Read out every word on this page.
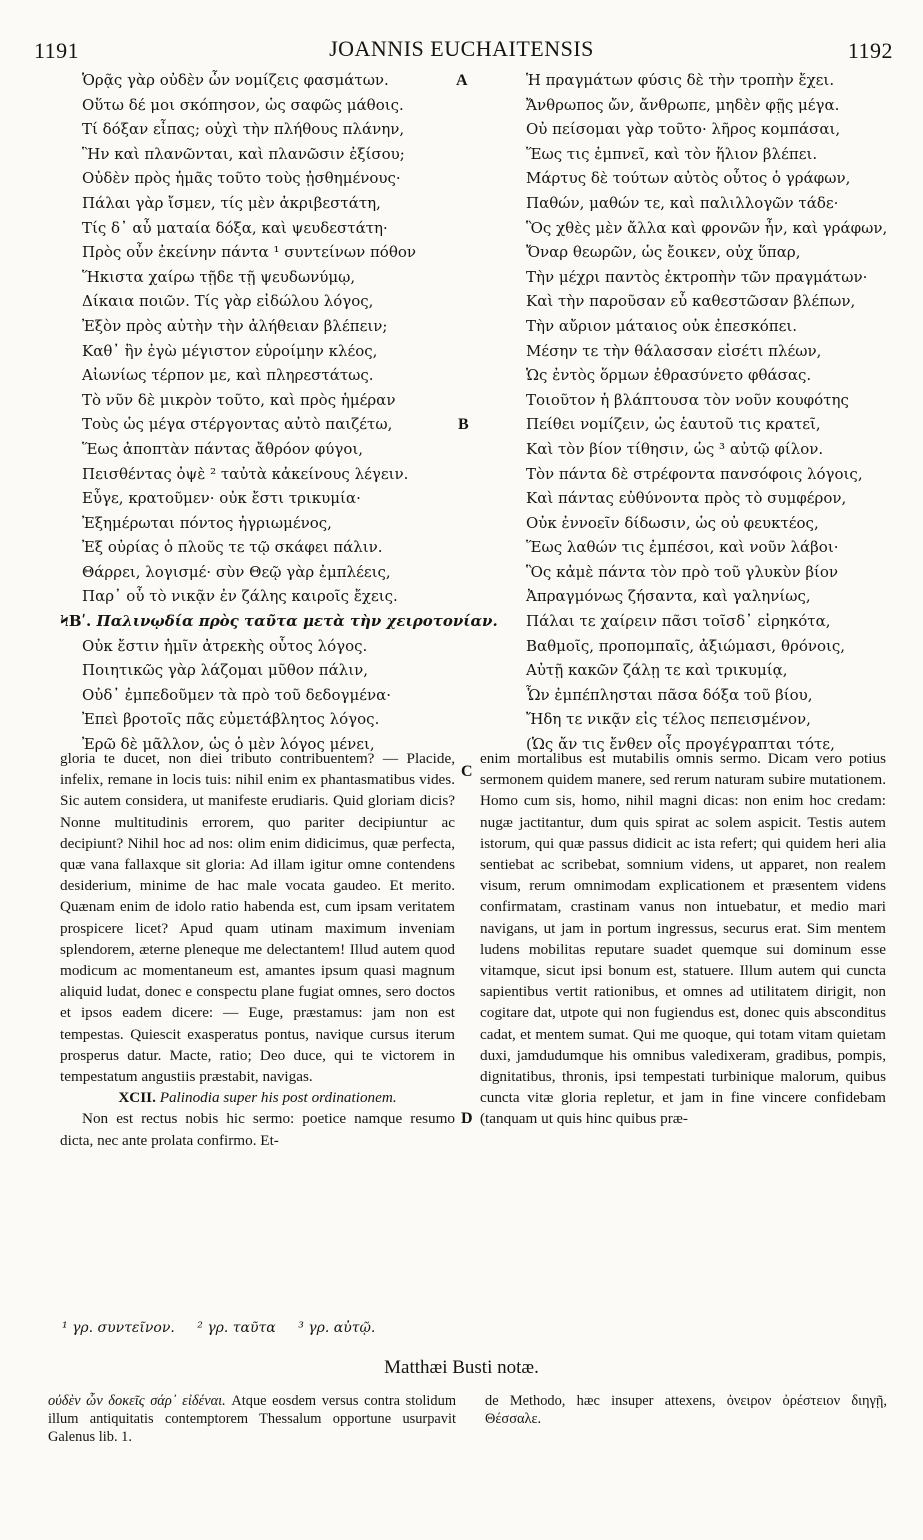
1191	JOANNIS EUCHAITENSIS	1192
Ὁρᾷς γὰρ οὐδὲν ὧν νομίζεις φασμάτων.
Οὕτω δέ μοι σκόπησον, ὡς σαφῶς μάθοις.
Τί δόξαν εἶπας; οὐχὶ τὴν πλήθους πλάνην,
Ἣν καὶ πλανῶνται, καὶ πλανῶσιν ἐξίσου;
Οὐδὲν πρὸς ἡμᾶς τοῦτο τοὺς ᾐσθημένους·
Πάλαι γὰρ ἴσμεν, τίς μὲν ἀκριβεστάτη,
Τίς δ᾽ αὖ ματαία δόξα, καὶ ψευδεστάτη·
Πρὸς οὖν ἐκείνην πάντα ¹ συντείνων πόθον
Ἥκιστα χαίρω τῇδε τῇ ψευδωνύμῳ,
Δίκαια ποιῶν. Τίς γὰρ εἰδώλου λόγος,
Ἐξὸν πρὸς αὐτὴν τὴν ἀλήθειαν βλέπειν;
Καθ᾽ ἣν ἐγὼ μέγιστον εὑροίμην κλέος,
Αἰωνίως τέρπον με, καὶ πληρεστάτως.
Τὸ νῦν δὲ μικρὸν τοῦτο, καὶ πρὸς ἡμέραν
Τοὺς ὡς μέγα στέργοντας αὐτὸ παιζέτω,
Ἕως ἀποπτὰν πάντας ἄθρόον φύγοι,
Πεισθέντας ὀψὲ ² ταὐτὰ κἀκείνους λέγειν.
Εὖγε, κρατοῦμεν· οὐκ ἔστι τρικυμία·
Ἐξημέρωται πόντος ἠγριωμένος,
Ἐξ οὐρίας ὁ πλοῦς τε τῷ σκάφει πάλιν.
Θάρρει, λογισμέ· σὺν Θεῷ γὰρ ἐμπλέεις,
Παρ᾽ οὗ τὸ νικᾷν ἐν ζάλης καιροῖς ἔχεις.
ϞΒʹ. Παλινῳδία πρὸς ταῦτα μετὰ τὴν χειροτονίαν.
Οὐκ ἔστιν ἡμῖν ἀτρεκὴς οὗτος λόγος.
Ποιητικῶς γὰρ λάζομαι μῦθον πάλιν,
Οὐδ᾽ ἐμπεδοῦμεν τὰ πρὸ τοῦ δεδογμένα·
Ἐπεὶ βροτοῖς πᾶς εὐμετάβλητος λόγος.
Ἐρῶ δὲ μᾶλλον, ὡς ὁ μὲν λόγος μένει,
Ἡ πραγμάτων φύσις δὲ τὴν τροπὴν ἔχει.
Ἄνθρωπος ὤν, ἄνθρωπε, μηδὲν φῇς μέγα.
Οὐ πείσομαι γὰρ τοῦτο· λῆρος κομπάσαι,
Ἕως τις ἐμπνεῖ, καὶ τὸν ἥλιον βλέπει.
Μάρτυς δὲ τούτων αὐτὸς οὗτος ὁ γράφων,
Παθών, μαθών τε, καὶ παλιλλογῶν τάδε·
Ὃς χθὲς μὲν ἄλλα καὶ φρονῶν ἦν, καὶ γράφων,
Ὄναρ θεωρῶν, ὡς ἔοικεν, οὐχ ὕπαρ,
Τὴν μέχρι παντὸς ἐκτροπὴν τῶν πραγμάτων·
Καὶ τὴν παροῦσαν εὖ καθεστῶσαν βλέπων,
Τὴν αὔριον μάταιος οὐκ ἐπεσκόπει.
Μέσην τε τὴν θάλασσαν εἰσέτι πλέων,
Ὡς ἐντὸς ὅρμων ἐθρασύνετο φθάσας.
Τοιοῦτον ἡ βλάπτουσα τὸν νοῦν κουφότης
Πείθει νομίζειν, ὡς ἑαυτοῦ τις κρατεῖ,
Καὶ τὸν βίον τίθησιν, ὡς ³ αὐτῷ φίλον.
Τὸν πάντα δὲ στρέφοντα πανσόφοις λόγοις,
Καὶ πάντας εὐθύνοντα πρὸς τὸ συμφέρον,
Οὐκ ἐννοεῖν δίδωσιν, ὡς οὐ φευκτέος,
Ἕως λαθών τις ἐμπέσοι, καὶ νοῦν λάβοι·
Ὃς κἀμὲ πάντα τὸν πρὸ τοῦ γλυκὺν βίον
Ἀπραγμόνως ζήσαντα, καὶ γαληνίως,
Πάλαι τε χαίρειν πᾶσι τοῖσδ᾽ εἰρηκότα,
Βαθμοῖς, προπομπαῖς, ἀξιώμασι, θρόνοις,
Αὐτῇ κακῶν ζάλῃ τε καὶ τρικυμίᾳ,
Ὧν ἐμπέπλησται πᾶσα δόξα τοῦ βίου,
Ἤδη τε νικᾷν εἰς τέλος πεπεισμένον,
(Ὡς ἄν τις ἔνθεν οἷς προγέγραπται τότε,
A
B
C
D

gloria te ducet, non diei tributo contribuentem? — Placide, infelix, remane in locis tuis: nihil enim ex phantasmatibus vides. Sic autem considera, ut manifeste erudiaris. Quid gloriam dicis? Nonne multitudinis errorem, quo pariter decipiuntur ac decipiunt? Nihil hoc ad nos: olim enim didicimus, quæ perfecta, quæ vana fallaxque sit gloria: Ad illam igitur omne contendens desiderium, minime de hac male vocata gaudeo. Et merito. Quænam enim de idolo ratio habenda est, cum ipsam veritatem prospicere licet? Apud quam utinam maximum inveniam splendorem, æterne pleneque me delectantem! Illud autem quod modicum ac momentaneum est, amantes ipsum quasi magnum aliquid ludat, donec e conspectu plane fugiat omnes, sero doctos et ipsos eadem dicere: — Euge, præstamus: jam non est tempestas. Quiescit exasperatus pontus, navique cursus iterum prosperus datur. Macte, ratio; Deo duce, qui te victorem in tempestatum angustiis præstabit, navigas.

XCII. Palinodia super his post ordinationem.

Non est rectus nobis hic sermo: poetice namque resumo dicta, nec ante prolata confirmo. Et-

enim mortalibus est mutabilis omnis sermo. Dicam vero potius sermonem quidem manere, sed rerum naturam subire mutationem. Homo cum sis, homo, nihil magni dicas: non enim hoc credam: nugæ jactitantur, dum quis spirat ac solem aspicit. Testis autem istorum, qui quæ passus didicit ac ista refert; qui quidem heri alia sentiebat ac scribebat, somnium videns, ut apparet, non realem visum, rerum omnimodam explicationem et præsentem videns confirmatam, crastinam vanus non intuebatur, et medio mari navigans, ut jam in portum ingressus, securus erat. Sim mentem ludens mobilitas reputare suadet quemque sui dominum esse vitamque, sicut ipsi bonum est, statuere. Illum autem qui cuncta sapientibus vertit rationibus, et omnes ad utilitatem dirigit, non cogitare dat, utpote qui non fugiendus est, donec quis absconditus cadat, et mentem sumat. Qui me quoque, qui totam vitam quietam duxi, jamdudumque his omnibus valedixeram, gradibus, pompis, dignitatibus, thronis, ipsi tempestati turbinique malorum, quibus cuncta vitæ gloria repletur, et jam in fine vincere confidebam (tanquam ut quis hinc quibus præ-

¹ γρ. συντεῖνον. ² γρ. ταῦτα ³ γρ. αὐτῷ.
Matthæi Busti notæ.

οὐδὲν ὧν δοκεῖς σάρ᾽ εἰδέναι. Atque eosdem versus contra stolidum illum antiquitatis contemptorem Thessalum opportune usurpavit Galenus lib. 1.

de Methodo, hæc insuper attexens, ὀνειρον ὀρέστειον διηγῇ, Θέσσαλε.
